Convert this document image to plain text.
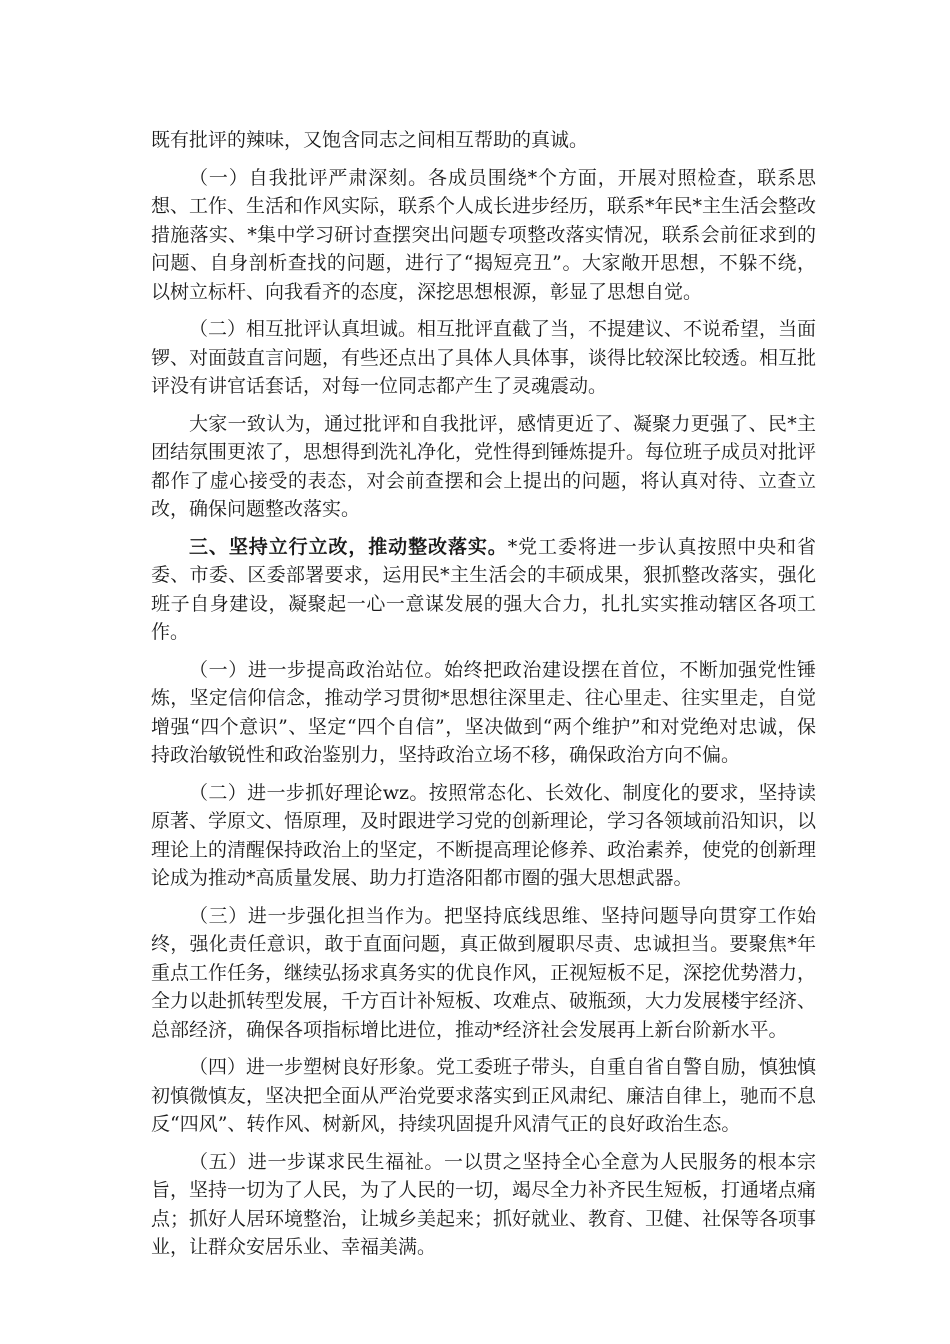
既有批评的辣味，又饱含同志之间相互帮助的真诚。

（一）自我批评严肃深刻。各成员围绕*个方面，开展对照检查，联系思想、工作、生活和作风实际，联系个人成长进步经历，联系*年民*主生活会整改措施落实、*集中学习研讨查摆突出问题专项整改落实情况，联系会前征求到的问题、自身剖析查找的问题，进行了“揭短亮丑”。大家敞开思想，不躲不绕，以树立标杆、向我看齐的态度，深挖思想根源，彰显了思想自觉。

（二）相互批评认真坦诚。相互批评直截了当，不提建议、不说希望，当面锣、对面鼓直言问题，有些还点出了具体人具体事，谈得比较深比较透。相互批评没有讲官话套话，对每一位同志都产生了灵魂震动。

大家一致认为，通过批评和自我批评，感情更近了、凝聚力更强了、民*主团结氛围更浓了，思想得到洗礼净化，党性得到锤炼提升。每位班子成员对批评都作了虚心接受的表态，对会前查摆和会上提出的问题，将认真对待、立查立改，确保问题整改落实。

三、坚持立行立改，推动整改落实。*党工委将进一步认真按照中央和省委、市委、区委部署要求，运用民*主生活会的丰硕成果，狠抓整改落实，强化班子自身建设，凝聚起一心一意谋发展的强大合力，扎扎实实推动辖区各项工作。

（一）进一步提高政治站位。始终把政治建设摆在首位，不断加强党性锤炼，坚定信仰信念，推动学习贯彻*思想往深里走、往心里走、往实里走，自觉增强“四个意识”、坚定“四个自信”，坚决做到“两个维护”和对党绝对忠诚，保持政治敏锐性和政治鉴别力，坚持政治立场不移，确保政治方向不偏。

（二）进一步抓好理论wz。按照常态化、长效化、制度化的要求，坚持读原著、学原文、悟原理，及时跟进学习党的创新理论，学习各领域前沿知识，以理论上的清醒保持政治上的坚定，不断提高理论修养、政治素养，使党的创新理论成为推动*高质量发展、助力打造洛阳都市圈的强大思想武器。

（三）进一步强化担当作为。把坚持底线思维、坚持问题导向贯穿工作始终，强化责任意识，敢于直面问题，真正做到履职尽责、忠诚担当。要聚焦*年重点工作任务，继续弘扬求真务实的优良作风，正视短板不足，深挖优势潜力，全力以赴抓转型发展，千方百计补短板、攻难点、破瓶颈，大力发展楼宇经济、总部经济，确保各项指标增比进位，推动*经济社会发展再上新台阶新水平。

（四）进一步塑树良好形象。党工委班子带头，自重自省自警自励，慎独慎初慎微慎友，坚决把全面从严治党要求落实到正风肃纪、廉洁自律上，驰而不息反“四风”、转作风、树新风，持续巩固提升风清气正的良好政治生态。

（五）进一步谋求民生福祉。一以贯之坚持全心全意为人民服务的根本宗旨，坚持一切为了人民，为了人民的一切，竭尽全力补齐民生短板，打通堵点痛点；抓好人居环境整治，让城乡美起来；抓好就业、教育、卫健、社保等各项事业，让群众安居乐业、幸福美满。
